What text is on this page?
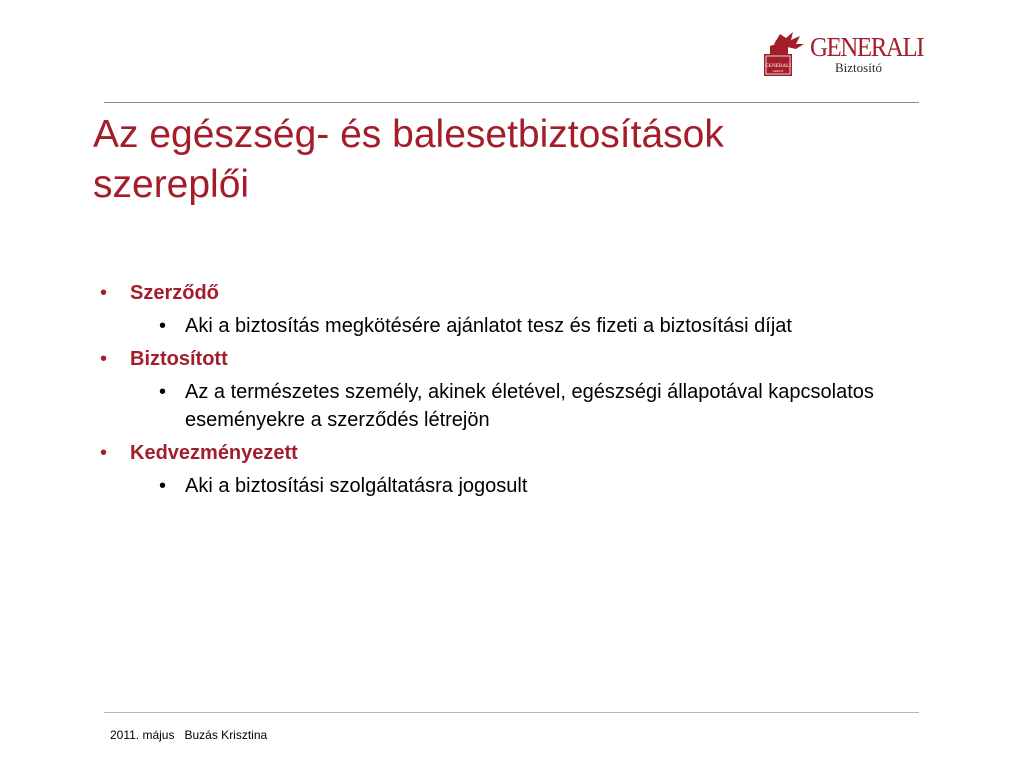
GENERALI
GROUP
GENERALI
Biztosító
Az egészség- és balesetbiztosítások
szereplői
• Szerződő
• Aki a biztosítás megkötésére ajánlatot tesz és fizeti a biztosítási díjat
• Biztosított
• Az a természetes személy, akinek életével, egészségi állapotával kapcsolatos eseményekre a szerződés létrejön
• Kedvezményezett
• Aki a biztosítási szolgáltatásra jogosult
2011. május Buzás Krisztina
